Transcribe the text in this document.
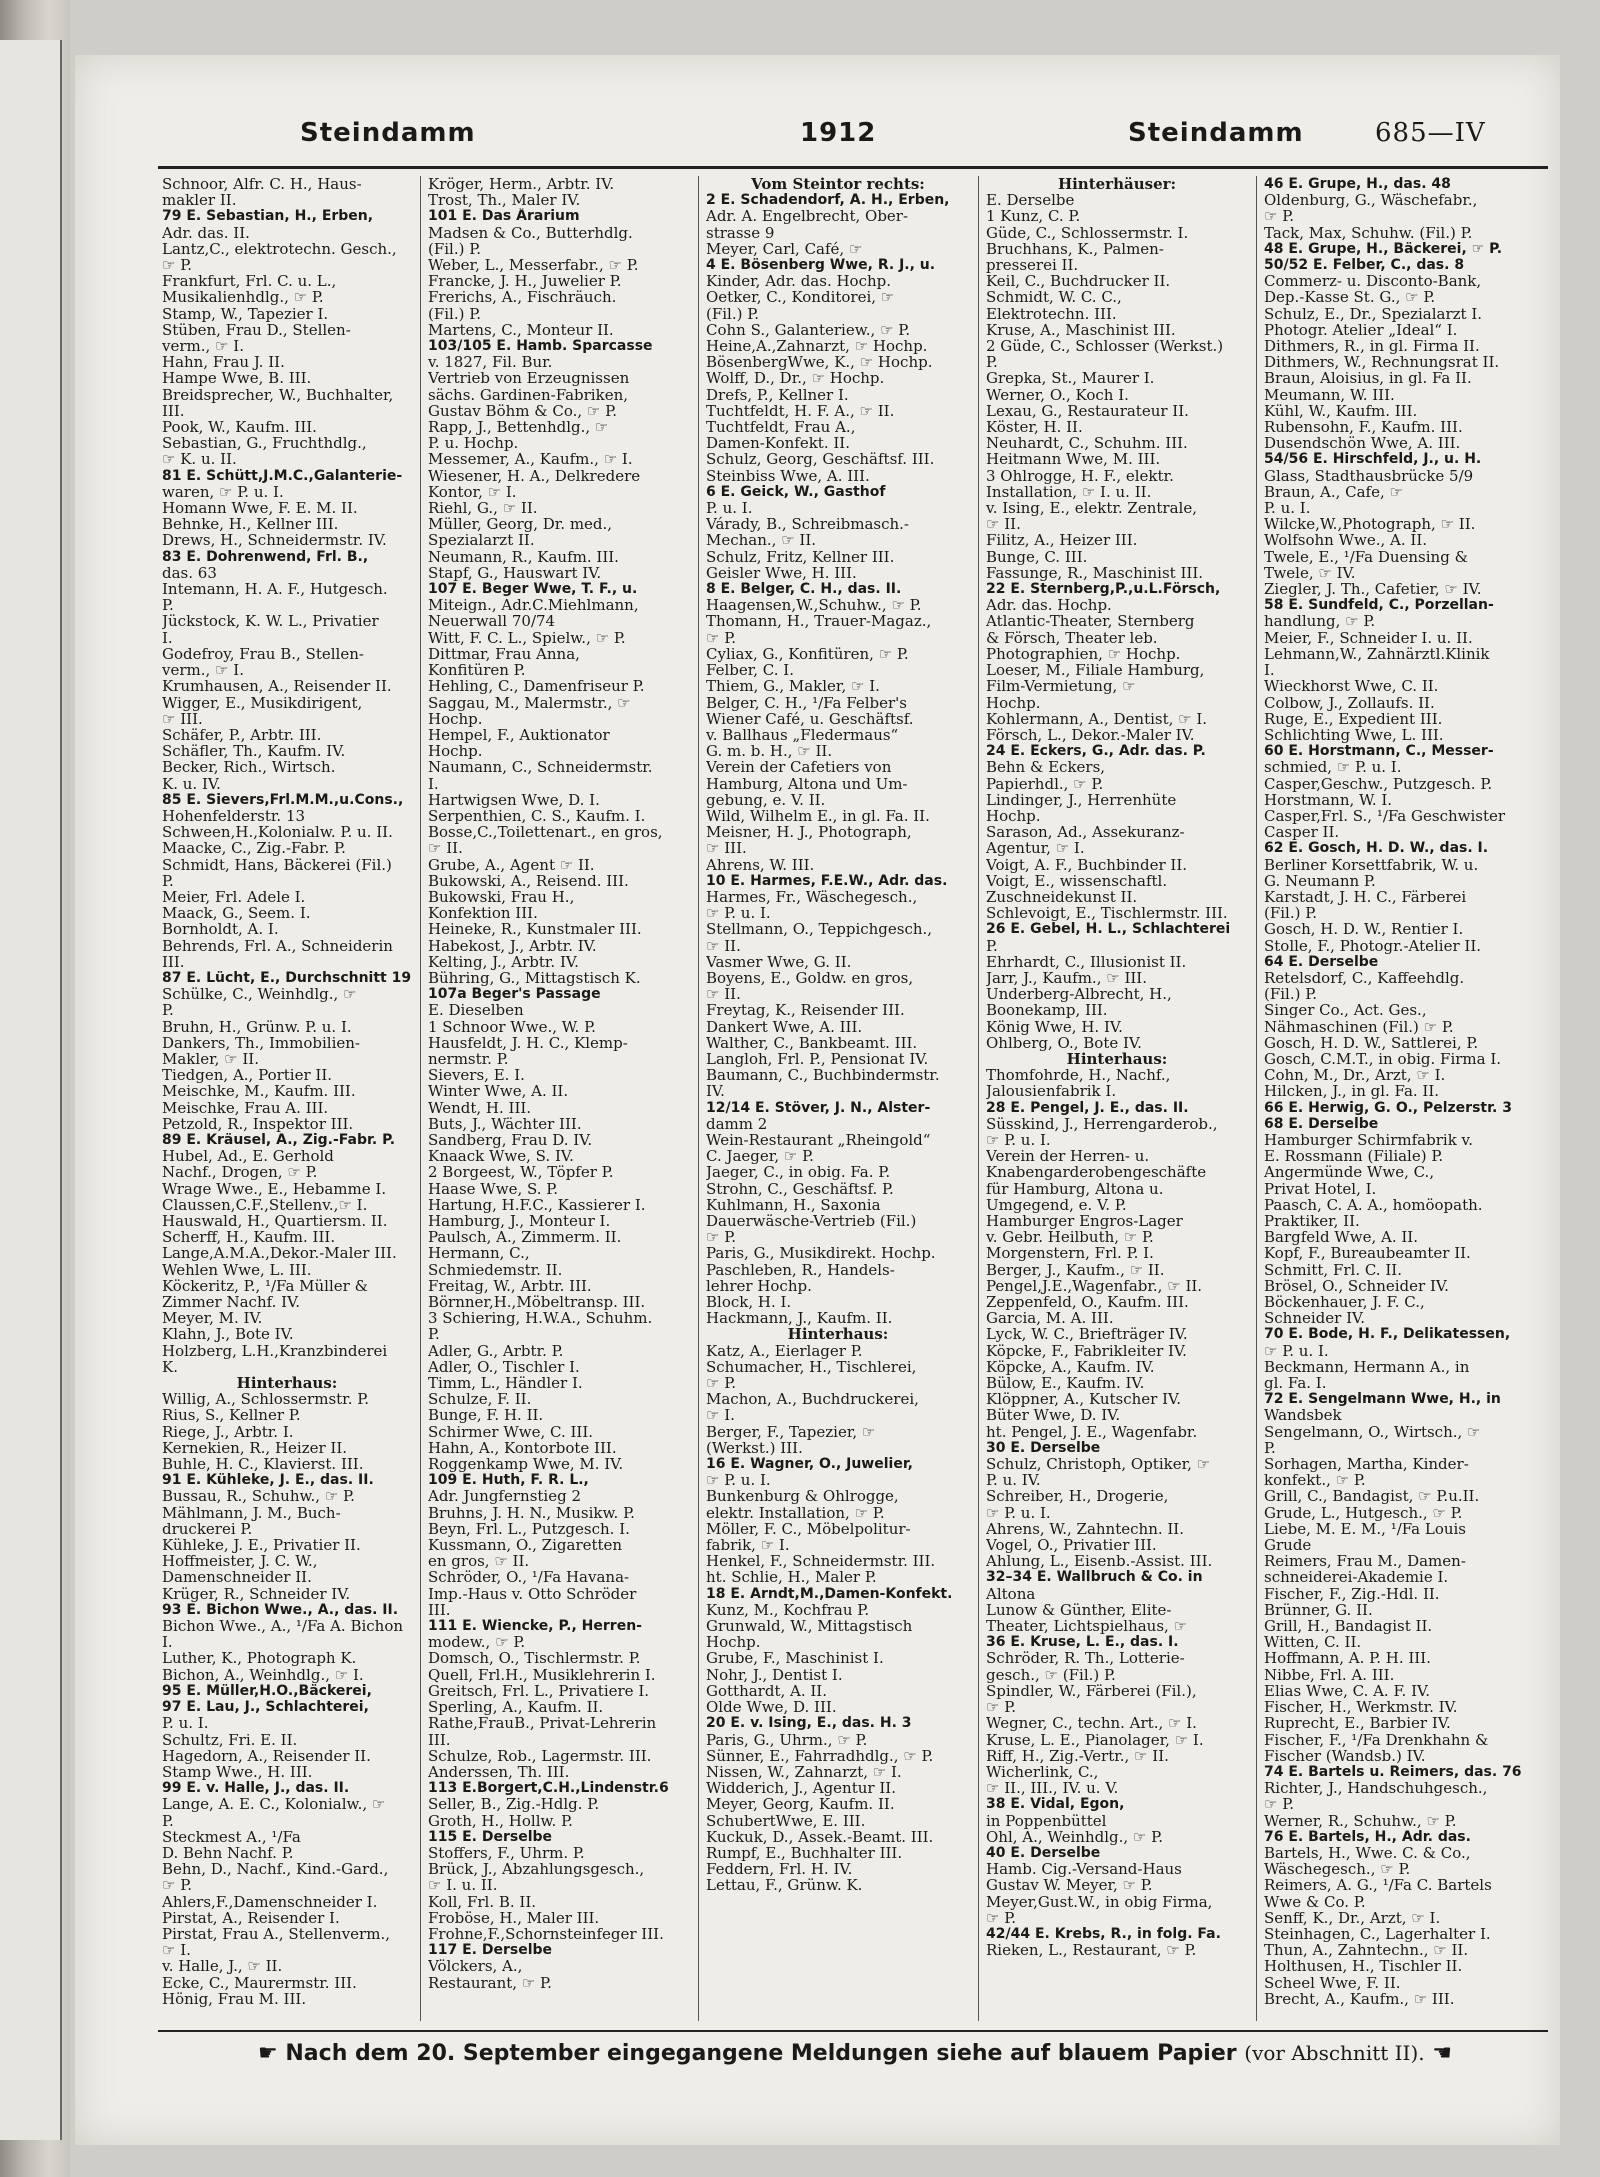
Steindamm	1912	Steindamm	685—IV
Schnoor, Alfr. C. H., Haus-
makler II.
79 E. Sebastian, H., Erben,
Adr. das. II.
Lantz,C., elektrotechn. Gesch.,
☞ P.
Frankfurt, Frl. C. u. L.,
Musikalienhdlg., ☞ P.
Stamp, W., Tapezier I.
Stüben, Frau D., Stellen-
verm., ☞ I.
Hahn, Frau J. II.
Hampe Wwe, B. III.
Breidsprecher, W., Buchhalter,
III.
Pook, W., Kaufm. III.
Sebastian, G., Fruchthdlg.,
☞ K. u. II.
81 E. Schütt,J.M.C.,Galanterie-
waren, ☞ P. u. I.
Homann Wwe, F. E. M. II.
Behnke, H., Kellner III.
Drews, H., Schneidermstr. IV.
83 E. Dohrenwend, Frl. B.,
das. 63
Intemann, H. A. F., Hutgesch.
P.
Jückstock, K. W. L., Privatier
I.
Godefroy, Frau B., Stellen-
verm., ☞ I.
Krumhausen, A., Reisender II.
Wigger, E., Musikdirigent,
☞ III.
Schäfer, P., Arbtr. III.
Schäfler, Th., Kaufm. IV.
Becker, Rich., Wirtsch.
K. u. IV.
85 E. Sievers,Frl.M.M.,u.Cons.,
Hohenfelderstr. 13
Schween,H.,Kolonialw. P. u. II.
Maacke, C., Zig.-Fabr. P.
Schmidt, Hans, Bäckerei (Fil.)
P.
Meier, Frl. Adele I.
Maack, G., Seem. I.
Bornholdt, A. I.
Behrends, Frl. A., Schneiderin
III.
87 E. Lücht, E., Durchschnitt 19
Schülke, C., Weinhdlg., ☞
P.
Bruhn, H., Grünw. P. u. I.
Dankers, Th., Immobilien-
Makler, ☞ II.
Tiedgen, A., Portier II.
Meischke, M., Kaufm. III.
Meischke, Frau A. III.
Petzold, R., Inspektor III.
89 E. Kräusel, A., Zig.-Fabr. P.
Hubel, Ad., E. Gerhold
Nachf., Drogen, ☞ P.
Wrage Wwe., E., Hebamme I.
Claussen,C.F.,Stellenv.,☞ I.
Hauswald, H., Quartiersm. II.
Scherff, H., Kaufm. III.
Lange,A.M.A.,Dekor.-Maler III.
Wehlen Wwe, L. III.
Köckeritz, P., ¹/Fa Müller &
Zimmer Nachf. IV.
Meyer, M. IV.
Klahn, J., Bote IV.
Holzberg, L.H.,Kranzbinderei
K.
Hinterhaus:
Willig, A., Schlossermstr. P.
Rius, S., Kellner P.
Riege, J., Arbtr. I.
Kernekien, R., Heizer II.
Buhle, H. C., Klavierst. III.
91 E. Kühleke, J. E., das. II.
Bussau, R., Schuhw., ☞ P.
Mählmann, J. M., Buch-
druckerei P.
Kühleke, J. E., Privatier II.
Hoffmeister, J. C. W.,
Damenschneider II.
Krüger, R., Schneider IV.
93 E. Bichon Wwe., A., das. II.
Bichon Wwe., A., ¹/Fa A. Bichon
I.
Luther, K., Photograph K.
Bichon, A., Weinhdlg., ☞ I.
95 E. Müller,H.O.,Bäckerei,
97 E. Lau, J., Schlachterei,
P. u. I.
Schultz, Fri. E. II.
Hagedorn, A., Reisender II.
Stamp Wwe., H. III.
99 E. v. Halle, J., das. II.
Lange, A. E. C., Kolonialw., ☞
P.
Steckmest A., ¹/Fa
D. Behn Nachf. P.
Behn, D., Nachf., Kind.-Gard.,
☞ P.
Ahlers,F.,Damenschneider I.
Pirstat, A., Reisender I.
Pirstat, Frau A., Stellenverm.,
☞ I.
v. Halle, J., ☞ II.
Ecke, C., Maurermstr. III.
Hönig, Frau M. III.
Kröger, Herm., Arbtr. IV.
Trost, Th., Maler IV.
101 E. Das Ärarium
Madsen & Co., Butterhdlg.
(Fil.) P.
Weber, L., Messerfabr., ☞ P.
Francke, J. H., Juwelier P.
Frerichs, A., Fischräuch.
(Fil.) P.
Martens, C., Monteur II.
103/105 E. Hamb. Sparcasse
v. 1827, Fil. Bur.
Vertrieb von Erzeugnissen
sächs. Gardinen-Fabriken,
Gustav Böhm & Co., ☞ P.
Rapp, J., Bettenhdlg., ☞
P. u. Hochp.
Messemer, A., Kaufm., ☞ I.
Wiesener, H. A., Delkredere
Kontor, ☞ I.
Riehl, G., ☞ II.
Müller, Georg, Dr. med.,
Spezialarzt II.
Neumann, R., Kaufm. III.
Stapf, G., Hauswart IV.
107 E. Beger Wwe, T. F., u.
Miteign., Adr.C.Miehlmann,
Neuerwall 70/74
Witt, F. C. L., Spielw., ☞ P.
Dittmar, Frau Anna,
Konfitüren P.
Hehling, C., Damenfriseur P.
Saggau, M., Malermstr., ☞
Hochp.
Hempel, F., Auktionator
Hochp.
Naumann, C., Schneidermstr.
I.
Hartwigsen Wwe, D. I.
Serpenthien, C. S., Kaufm. I.
Bosse,C.,Toilettenart., en gros,
☞ II.
Grube, A., Agent ☞ II.
Bukowski, A., Reisend. III.
Bukowski, Frau H.,
Konfektion III.
Heineke, R., Kunstmaler III.
Habekost, J., Arbtr. IV.
Kelting, J., Arbtr. IV.
Bühring, G., Mittagstisch K.
107a Beger's Passage
E. Dieselben
1 Schnoor Wwe., W. P.
Hausfeldt, J. H. C., Klemp-
nermstr. P.
Sievers, E. I.
Winter Wwe, A. II.
Wendt, H. III.
Buts, J., Wächter III.
Sandberg, Frau D. IV.
Knaack Wwe, S. IV.
2 Borgeest, W., Töpfer P.
Haase Wwe, S. P.
Hartung, H.F.C., Kassierer I.
Hamburg, J., Monteur I.
Paulsch, A., Zimmerm. II.
Hermann, C.,
Schmiedemstr. II.
Freitag, W., Arbtr. III.
Börnner,H.,Möbeltransp. III.
3 Schiering, H.W.A., Schuhm.
P.
Adler, G., Arbtr. P.
Adler, O., Tischler I.
Timm, L., Händler I.
Schulze, F. II.
Bunge, F. H. II.
Schirmer Wwe, C. III.
Hahn, A., Kontorbote III.
Roggenkamp Wwe, M. IV.
109 E. Huth, F. R. L.,
Adr. Jungfernstieg 2
Bruhns, J. H. N., Musikw. P.
Beyn, Frl. L., Putzgesch. I.
Kussmann, O., Zigaretten
en gros, ☞ II.
Schröder, O., ¹/Fa Havana-
Imp.-Haus v. Otto Schröder
III.
111 E. Wiencke, P., Herren-
modew., ☞ P.
Domsch, O., Tischlermstr. P.
Quell, Frl.H., Musiklehrerin I.
Greitsch, Frl. L., Privatiere I.
Sperling, A., Kaufm. II.
Rathe,FrauB., Privat-Lehrerin
III.
Schulze, Rob., Lagermstr. III.
Anderssen, Th. III.
113 E.Borgert,C.H.,Lindenstr.6
Seller, B., Zig.-Hdlg. P.
Groth, H., Hollw. P.
115 E. Derselbe
Stoffers, F., Uhrm. P.
Brück, J., Abzahlungsgesch.,
☞ I. u. II.
Koll, Frl. B. II.
Froböse, H., Maler III.
Frohne,F.,Schornsteinfeger III.
117 E. Derselbe
Völckers, A.,
Restaurant, ☞ P.
Vom Steintor rechts:
2 E. Schadendorf, A. H., Erben,
Adr. A. Engelbrecht, Ober-
strasse 9
Meyer, Carl, Café, ☞
4 E. Bösenberg Wwe, R. J., u.
Kinder, Adr. das. Hochp.
Oetker, C., Konditorei, ☞
(Fil.) P.
Cohn S., Galanteriew., ☞ P.
Heine,A.,Zahnarzt, ☞ Hochp.
BösenbergWwe, K., ☞ Hochp.
Wolff, D., Dr., ☞ Hochp.
Drefs, P., Kellner I.
Tuchtfeldt, H. F. A., ☞ II.
Tuchtfeldt, Frau A.,
Damen-Konfekt. II.
Schulz, Georg, Geschäftsf. III.
Steinbiss Wwe, A. III.
6 E. Geick, W., Gasthof
P. u. I.
Várady, B., Schreibmasch.-
Mechan., ☞ II.
Schulz, Fritz, Kellner III.
Geisler Wwe, H. III.
8 E. Belger, C. H., das. II.
Haagensen,W.,Schuhw., ☞ P.
Thomann, H., Trauer-Magaz.,
☞ P.
Cyliax, G., Konfitüren, ☞ P.
Felber, C. I.
Thiem, G., Makler, ☞ I.
Belger, C. H., ¹/Fa Felber's
Wiener Café, u. Geschäftsf.
v. Ballhaus „Fledermaus“
G. m. b. H., ☞ II.
Verein der Cafetiers von
Hamburg, Altona und Um-
gebung, e. V. II.
Wild, Wilhelm E., in gl. Fa. II.
Meisner, H. J., Photograph,
☞ III.
Ahrens, W. III.
10 E. Harmes, F.E.W., Adr. das.
Harmes, Fr., Wäschegesch.,
☞ P. u. I.
Stellmann, O., Teppichgesch.,
☞ II.
Vasmer Wwe, G. II.
Boyens, E., Goldw. en gros,
☞ II.
Freytag, K., Reisender III.
Dankert Wwe, A. III.
Walther, C., Bankbeamt. III.
Langloh, Frl. P., Pensionat IV.
Baumann, C., Buchbindermstr.
IV.
12/14 E. Stöver, J. N., Alster-
damm 2
Wein-Restaurant „Rheingold“
C. Jaeger, ☞ P.
Jaeger, C., in obig. Fa. P.
Strohn, C., Geschäftsf. P.
Kuhlmann, H., Saxonia
Dauerwäsche-Vertrieb (Fil.)
☞ P.
Paris, G., Musikdirekt. Hochp.
Paschleben, R., Handels-
lehrer Hochp.
Block, H. I.
Hackmann, J., Kaufm. II.
Hinterhaus:
Katz, A., Eierlager P.
Schumacher, H., Tischlerei,
☞ P.
Machon, A., Buchdruckerei,
☞ I.
Berger, F., Tapezier, ☞
(Werkst.) III.
16 E. Wagner, O., Juwelier,
☞ P. u. I.
Bunkenburg & Ohlrogge,
elektr. Installation, ☞ P.
Möller, F. C., Möbelpolitur-
fabrik, ☞ I.
Henkel, F., Schneidermstr. III.
ht. Schlie, H., Maler P.
18 E. Arndt,M.,Damen-Konfekt.
Kunz, M., Kochfrau P.
Grunwald, W., Mittagstisch
Hochp.
Grube, F., Maschinist I.
Nohr, J., Dentist I.
Gotthardt, A. II.
Olde Wwe, D. III.
20 E. v. Ising, E., das. H. 3
Paris, G., Uhrm., ☞ P.
Sünner, E., Fahrradhdlg., ☞ P.
Nissen, W., Zahnarzt, ☞ I.
Widderich, J., Agentur II.
Meyer, Georg, Kaufm. II.
SchubertWwe, E. III.
Kuckuk, D., Assek.-Beamt. III.
Rumpf, E., Buchhalter III.
Feddern, Frl. H. IV.
Lettau, F., Grünw. K.
Hinterhäuser:
E. Derselbe
1 Kunz, C. P.
Güde, C., Schlossermstr. I.
Bruchhans, K., Palmen-
presserei II.
Keil, C., Buchdrucker II.
Schmidt, W. C. C.,
Elektrotechn. III.
Kruse, A., Maschinist III.
2 Güde, C., Schlosser (Werkst.)
P.
Grepka, St., Maurer I.
Werner, O., Koch I.
Lexau, G., Restaurateur II.
Köster, H. II.
Neuhardt, C., Schuhm. III.
Heitmann Wwe, M. III.
3 Ohlrogge, H. F., elektr.
Installation, ☞ I. u. II.
v. Ising, E., elektr. Zentrale,
☞ II.
Filitz, A., Heizer III.
Bunge, C. III.
Fassunge, R., Maschinist III.
22 E. Sternberg,P.,u.L.Försch,
Adr. das. Hochp.
Atlantic-Theater, Sternberg
& Försch, Theater leb.
Photographien, ☞ Hochp.
Loeser, M., Filiale Hamburg,
Film-Vermietung, ☞
Hochp.
Kohlermann, A., Dentist, ☞ I.
Försch, L., Dekor.-Maler IV.
24 E. Eckers, G., Adr. das. P.
Behn & Eckers,
Papierhdl., ☞ P.
Lindinger, J., Herrenhüte
Hochp.
Sarason, Ad., Assekuranz-
Agentur, ☞ I.
Voigt, A. F., Buchbinder II.
Voigt, E., wissenschaftl.
Zuschneidekunst II.
Schlevoigt, E., Tischlermstr. III.
26 E. Gebel, H. L., Schlachterei
P.
Ehrhardt, C., Illusionist II.
Jarr, J., Kaufm., ☞ III.
Underberg-Albrecht, H.,
Boonekamp, III.
König Wwe, H. IV.
Ohlberg, O., Bote IV.
Hinterhaus:
Thomfohrde, H., Nachf.,
Jalousienfabrik I.
28 E. Pengel, J. E., das. II.
Süsskind, J., Herrengarderob.,
☞ P. u. I.
Verein der Herren- u.
Knabengarderobengeschäfte
für Hamburg, Altona u.
Umgegend, e. V. P.
Hamburger Engros-Lager
v. Gebr. Heilbuth, ☞ P.
Morgenstern, Frl. P. I.
Berger, J., Kaufm., ☞ II.
Pengel,J.E.,Wagenfabr., ☞ II.
Zeppenfeld, O., Kaufm. III.
Garcia, M. A. III.
Lyck, W. C., Briefträger IV.
Köpcke, F., Fabrikleiter IV.
Köpcke, A., Kaufm. IV.
Bülow, E., Kaufm. IV.
Klöppner, A., Kutscher IV.
Büter Wwe, D. IV.
ht. Pengel, J. E., Wagenfabr.
30 E. Derselbe
Schulz, Christoph, Optiker, ☞
P. u. IV.
Schreiber, H., Drogerie,
☞ P. u. I.
Ahrens, W., Zahntechn. II.
Vogel, O., Privatier III.
Ahlung, L., Eisenb.-Assist. III.
32–34 E. Wallbruch & Co. in
Altona
Lunow & Günther, Elite-
Theater, Lichtspielhaus, ☞
36 E. Kruse, L. E., das. I.
Schröder, R. Th., Lotterie-
gesch., ☞ (Fil.) P.
Spindler, W., Färberei (Fil.),
☞ P.
Wegner, C., techn. Art., ☞ I.
Kruse, L. E., Pianolager, ☞ I.
Riff, H., Zig.-Vertr., ☞ II.
Wicherlink, C.,
☞ II., III., IV. u. V.
38 E. Vidal, Egon,
in Poppenbüttel
Ohl, A., Weinhdlg., ☞ P.
40 E. Derselbe
Hamb. Cig.-Versand-Haus
Gustav W. Meyer, ☞ P.
Meyer,Gust.W., in obig Firma,
☞ P.
42/44 E. Krebs, R., in folg. Fa.
Rieken, L., Restaurant, ☞ P.
46 E. Grupe, H., das. 48
Oldenburg, G., Wäschefabr.,
☞ P.
Tack, Max, Schuhw. (Fil.) P.
48 E. Grupe, H., Bäckerei, ☞ P.
50/52 E. Felber, C., das. 8
Commerz- u. Disconto-Bank,
Dep.-Kasse St. G., ☞ P.
Schulz, E., Dr., Spezialarzt I.
Photogr. Atelier „Ideal“ I.
Dithmers, R., in gl. Firma II.
Dithmers, W., Rechnungsrat II.
Braun, Aloisius, in gl. Fa II.
Meumann, W. III.
Kühl, W., Kaufm. III.
Rubensohn, F., Kaufm. III.
Dusendschön Wwe, A. III.
54/56 E. Hirschfeld, J., u. H.
Glass, Stadthausbrücke 5/9
Braun, A., Cafe, ☞
P. u. I.
Wilcke,W.,Photograph, ☞ II.
Wolfsohn Wwe., A. II.
Twele, E., ¹/Fa Duensing &
Twele, ☞ IV.
Ziegler, J. Th., Cafetier, ☞ IV.
58 E. Sundfeld, C., Porzellan-
handlung, ☞ P.
Meier, F., Schneider I. u. II.
Lehmann,W., Zahnärztl.Klinik
I.
Wieckhorst Wwe, C. II.
Colbow, J., Zollaufs. II.
Ruge, E., Expedient III.
Schlichting Wwe, L. III.
60 E. Horstmann, C., Messer-
schmied, ☞ P. u. I.
Casper,Geschw., Putzgesch. P.
Horstmann, W. I.
Casper,Frl. S., ¹/Fa Geschwister
Casper II.
62 E. Gosch, H. D. W., das. I.
Berliner Korsettfabrik, W. u.
G. Neumann P.
Karstadt, J. H. C., Färberei
(Fil.) P.
Gosch, H. D. W., Rentier I.
Stolle, F., Photogr.-Atelier II.
64 E. Derselbe
Retelsdorf, C., Kaffeehdlg.
(Fil.) P.
Singer Co., Act. Ges.,
Nähmaschinen (Fil.) ☞ P.
Gosch, H. D. W., Sattlerei, P.
Gosch, C.M.T., in obig. Firma I.
Cohn, M., Dr., Arzt, ☞ I.
Hilcken, J., in gl. Fa. II.
66 E. Herwig, G. O., Pelzerstr. 3
68 E. Derselbe
Hamburger Schirmfabrik v.
E. Rossmann (Filiale) P.
Angermünde Wwe, C.,
Privat Hotel, I.
Paasch, C. A. A., homöopath.
Praktiker, II.
Bargfeld Wwe, A. II.
Kopf, F., Bureaubeamter II.
Schmitt, Frl. C. II.
Brösel, O., Schneider IV.
Böckenhauer, J. F. C.,
Schneider IV.
70 E. Bode, H. F., Delikatessen,
☞ P. u. I.
Beckmann, Hermann A., in
gl. Fa. I.
72 E. Sengelmann Wwe, H., in
Wandsbek
Sengelmann, O., Wirtsch., ☞
P.
Sorhagen, Martha, Kinder-
konfekt., ☞ P.
Grill, C., Bandagist, ☞ P.u.II.
Grude, L., Hutgesch., ☞ P.
Liebe, M. E. M., ¹/Fa Louis
Grude
Reimers, Frau M., Damen-
schneiderei-Akademie I.
Fischer, F., Zig.-Hdl. II.
Brünner, G. II.
Grill, H., Bandagist II.
Witten, C. II.
Hoffmann, A. P. H. III.
Nibbe, Frl. A. III.
Elias Wwe, C. A. F. IV.
Fischer, H., Werkmstr. IV.
Ruprecht, E., Barbier IV.
Fischer, F., ¹/Fa Drenkhahn &
Fischer (Wandsb.) IV.
74 E. Bartels u. Reimers, das. 76
Richter, J., Handschuhgesch.,
☞ P.
Werner, R., Schuhw., ☞ P.
76 E. Bartels, H., Adr. das.
Bartels, H., Wwe. C. & Co.,
Wäschegesch., ☞ P.
Reimers, A. G., ¹/Fa C. Bartels
Wwe & Co. P.
Senff, K., Dr., Arzt, ☞ I.
Steinhagen, C., Lagerhalter I.
Thun, A., Zahntechn., ☞ II.
Holthusen, H., Tischler II.
Scheel Wwe, F. II.
Brecht, A., Kaufm., ☞ III.
☛ Nach dem 20. September eingegangene Meldungen siehe auf blauem Papier (vor Abschnitt II). ☚
